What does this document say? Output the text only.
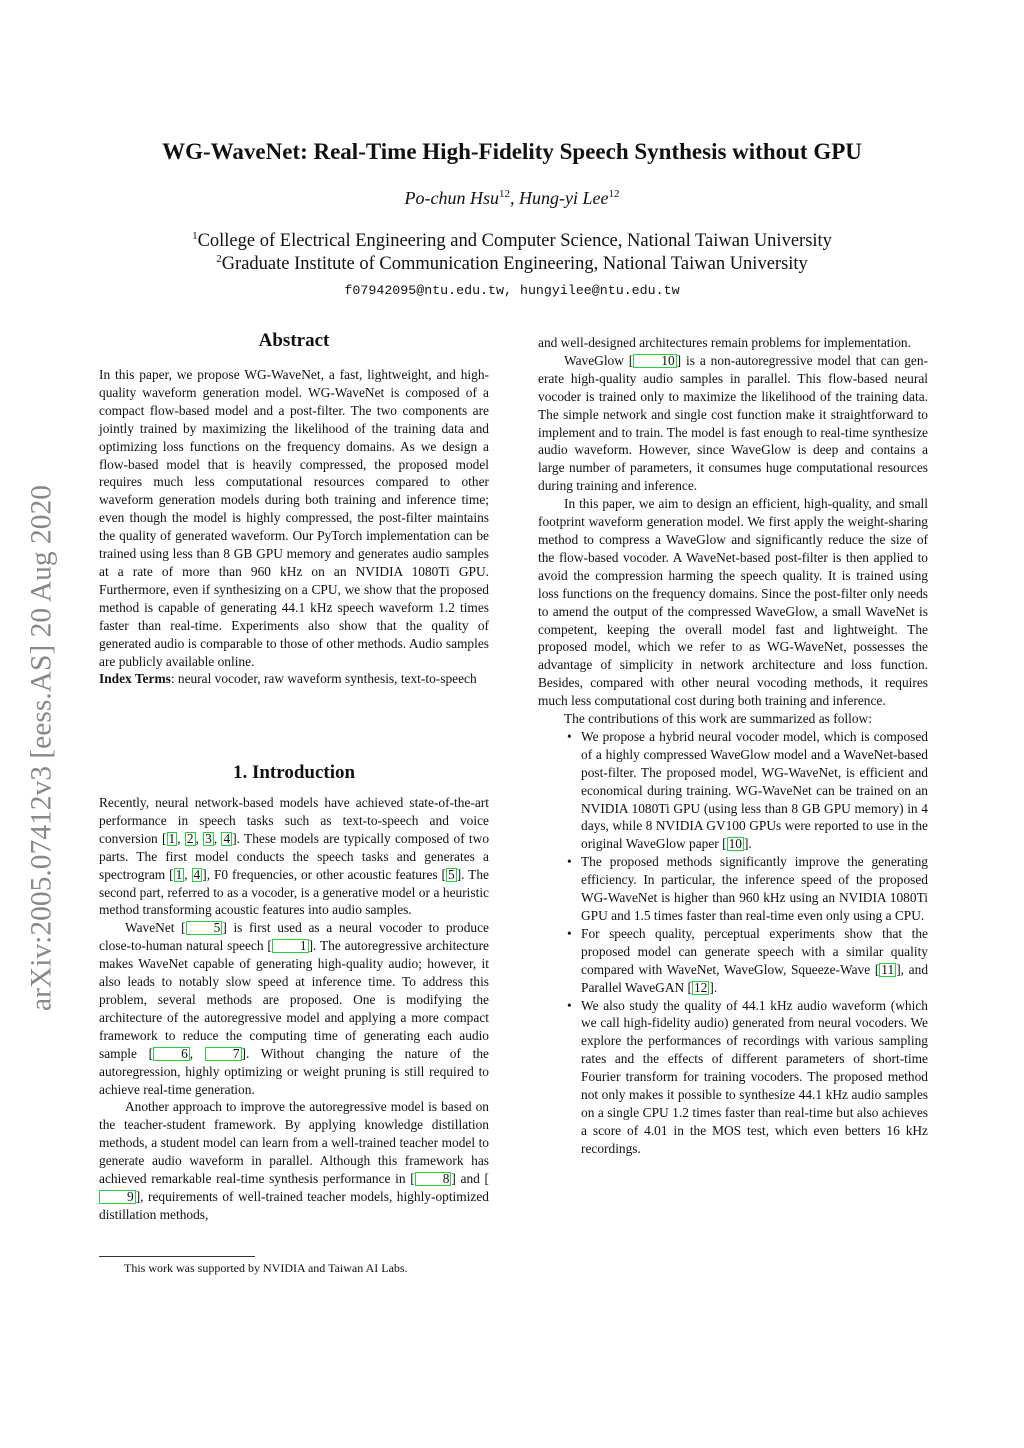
arXiv:2005.07412v3 [eess.AS] 20 Aug 2020
WG-WaveNet: Real-Time High-Fidelity Speech Synthesis without GPU
Po-chun Hsu$^{12}$, Hung-yi Lee$^{12}$
$^1$College of Electrical Engineering and Computer Science, National Taiwan University
$^2$Graduate Institute of Communication Engineering, National Taiwan University
f07942095@ntu.edu.tw, hungyilee@ntu.edu.tw
Abstract

In this paper, we propose WG-WaveNet, a fast, lightweight, and high-quality waveform generation model. WG-WaveNet is composed of a compact flow-based model and a post-filter. The two components are jointly trained by maximizing the likelihood of the training data and optimizing loss functions on the frequency domains. As we design a flow-based model that is heavily compressed, the proposed model requires much less computational resources compared to other waveform generation models during both training and inference time; even though the model is highly compressed, the post-filter maintains the quality of generated waveform. Our PyTorch implementation can be trained using less than 8 GB GPU memory and generates audio samples at a rate of more than 960 kHz on an NVIDIA 1080Ti GPU. Furthermore, even if synthesizing on a CPU, we show that the proposed method is capable of generating 44.1 kHz speech waveform 1.2 times faster than real-time. Experiments also show that the quality of generated audio is comparable to those of other methods. Audio samples are publicly available online.

Index Terms: neural vocoder, raw waveform synthesis, text-to-speech

1. Introduction

Recently, neural network-based models have achieved state-of-the-art performance in speech tasks such as text-to-speech and voice conversion [ 1 , 2 , 3 , 4 ]. These models are typically composed of two parts. The first model conducts the speech tasks and generates a spectrogram [ 1 , 4 ], F0 frequencies, or other acoustic features [ 5 ]. The second part, referred to as a vocoder, is a generative model or a heuristic method transforming acoustic features into audio samples.

WaveNet [ 5 ] is first used as a neural vocoder to produce close-to-human natural speech [ 1 ]. The autoregressive architecture makes WaveNet capable of generating high-quality audio; however, it also leads to notably slow speed at inference time. To address this problem, several methods are proposed. One is modifying the architecture of the autoregressive model and applying a more compact framework to reduce the computing time of generating each audio sample [ 6 , 7 ]. Without changing the nature of the autoregression, highly optimizing or weight pruning is still required to achieve real-time generation.

Another approach to improve the autoregressive model is based on the teacher-student framework. By applying knowledge distillation methods, a student model can learn from a well-trained teacher model to generate audio waveform in parallel. Although this framework has achieved remarkable real-time synthesis performance in [ 8 ] and [9 ], requirements of well-trained teacher models, highly-optimized distillation methods,

and well-designed architectures remain problems for implementation.

WaveGlow [ 10 ] is a non-autoregressive model that can generate high-quality audio samples in parallel. This flow-based neural vocoder is trained only to maximize the likelihood of the training data. The simple network and single cost function make it straightforward to implement and to train. The model is fast enough to real-time synthesize audio waveform. However, since WaveGlow is deep and contains a large number of parameters, it consumes huge computational resources during training and inference.

In this paper, we aim to design an efficient, high-quality, and small footprint waveform generation model. We first apply the weight-sharing method to compress a WaveGlow and significantly reduce the size of the flow-based vocoder. A WaveNet-based post-filter is then applied to avoid the compression harming the speech quality. It is trained using loss functions on the frequency domains. Since the post-filter only needs to amend the output of the compressed WaveGlow, a small WaveNet is competent, keeping the overall model fast and lightweight. The proposed model, which we refer to as WG-WaveNet, possesses the advantage of simplicity in network architecture and loss function. Besides, compared with other neural vocoding methods, it requires much less computational cost during both training and inference.

The contributions of this work are summarized as follow:

• We propose a hybrid neural vocoder model, which is composed of a highly compressed WaveGlow model and a WaveNet-based post-filter. The proposed model, WG-WaveNet, is efficient and economical during training. WG-WaveNet can be trained on an NVIDIA 1080Ti GPU (using less than 8 GB GPU memory) in 4 days, while 8 NVIDIA GV100 GPUs were reported to use in the original WaveGlow paper [ 10 ].
• The proposed methods significantly improve the generating efficiency. In particular, the inference speed of the proposed WG-WaveNet is higher than 960 kHz using an NVIDIA 1080Ti GPU and 1.5 times faster than real-time even only using a CPU.
• For speech quality, perceptual experiments show that the proposed model can generate speech with a similar quality compared with WaveNet, WaveGlow, Squeeze-Wave [ 11 ], and Parallel WaveGAN [ 12 ].
• We also study the quality of 44.1 kHz audio waveform (which we call high-fidelity audio) generated from neural vocoders. We explore the performances of recordings with various sampling rates and the effects of different parameters of short-time Fourier transform for training vocoders. The proposed method not only makes it possible to synthesize 44.1 kHz audio samples on a single CPU 1.2 times faster than real-time but also achieves a score of 4.01 in the MOS test, which even betters 16 kHz recordings.
This work was supported by NVIDIA and Taiwan AI Labs.
